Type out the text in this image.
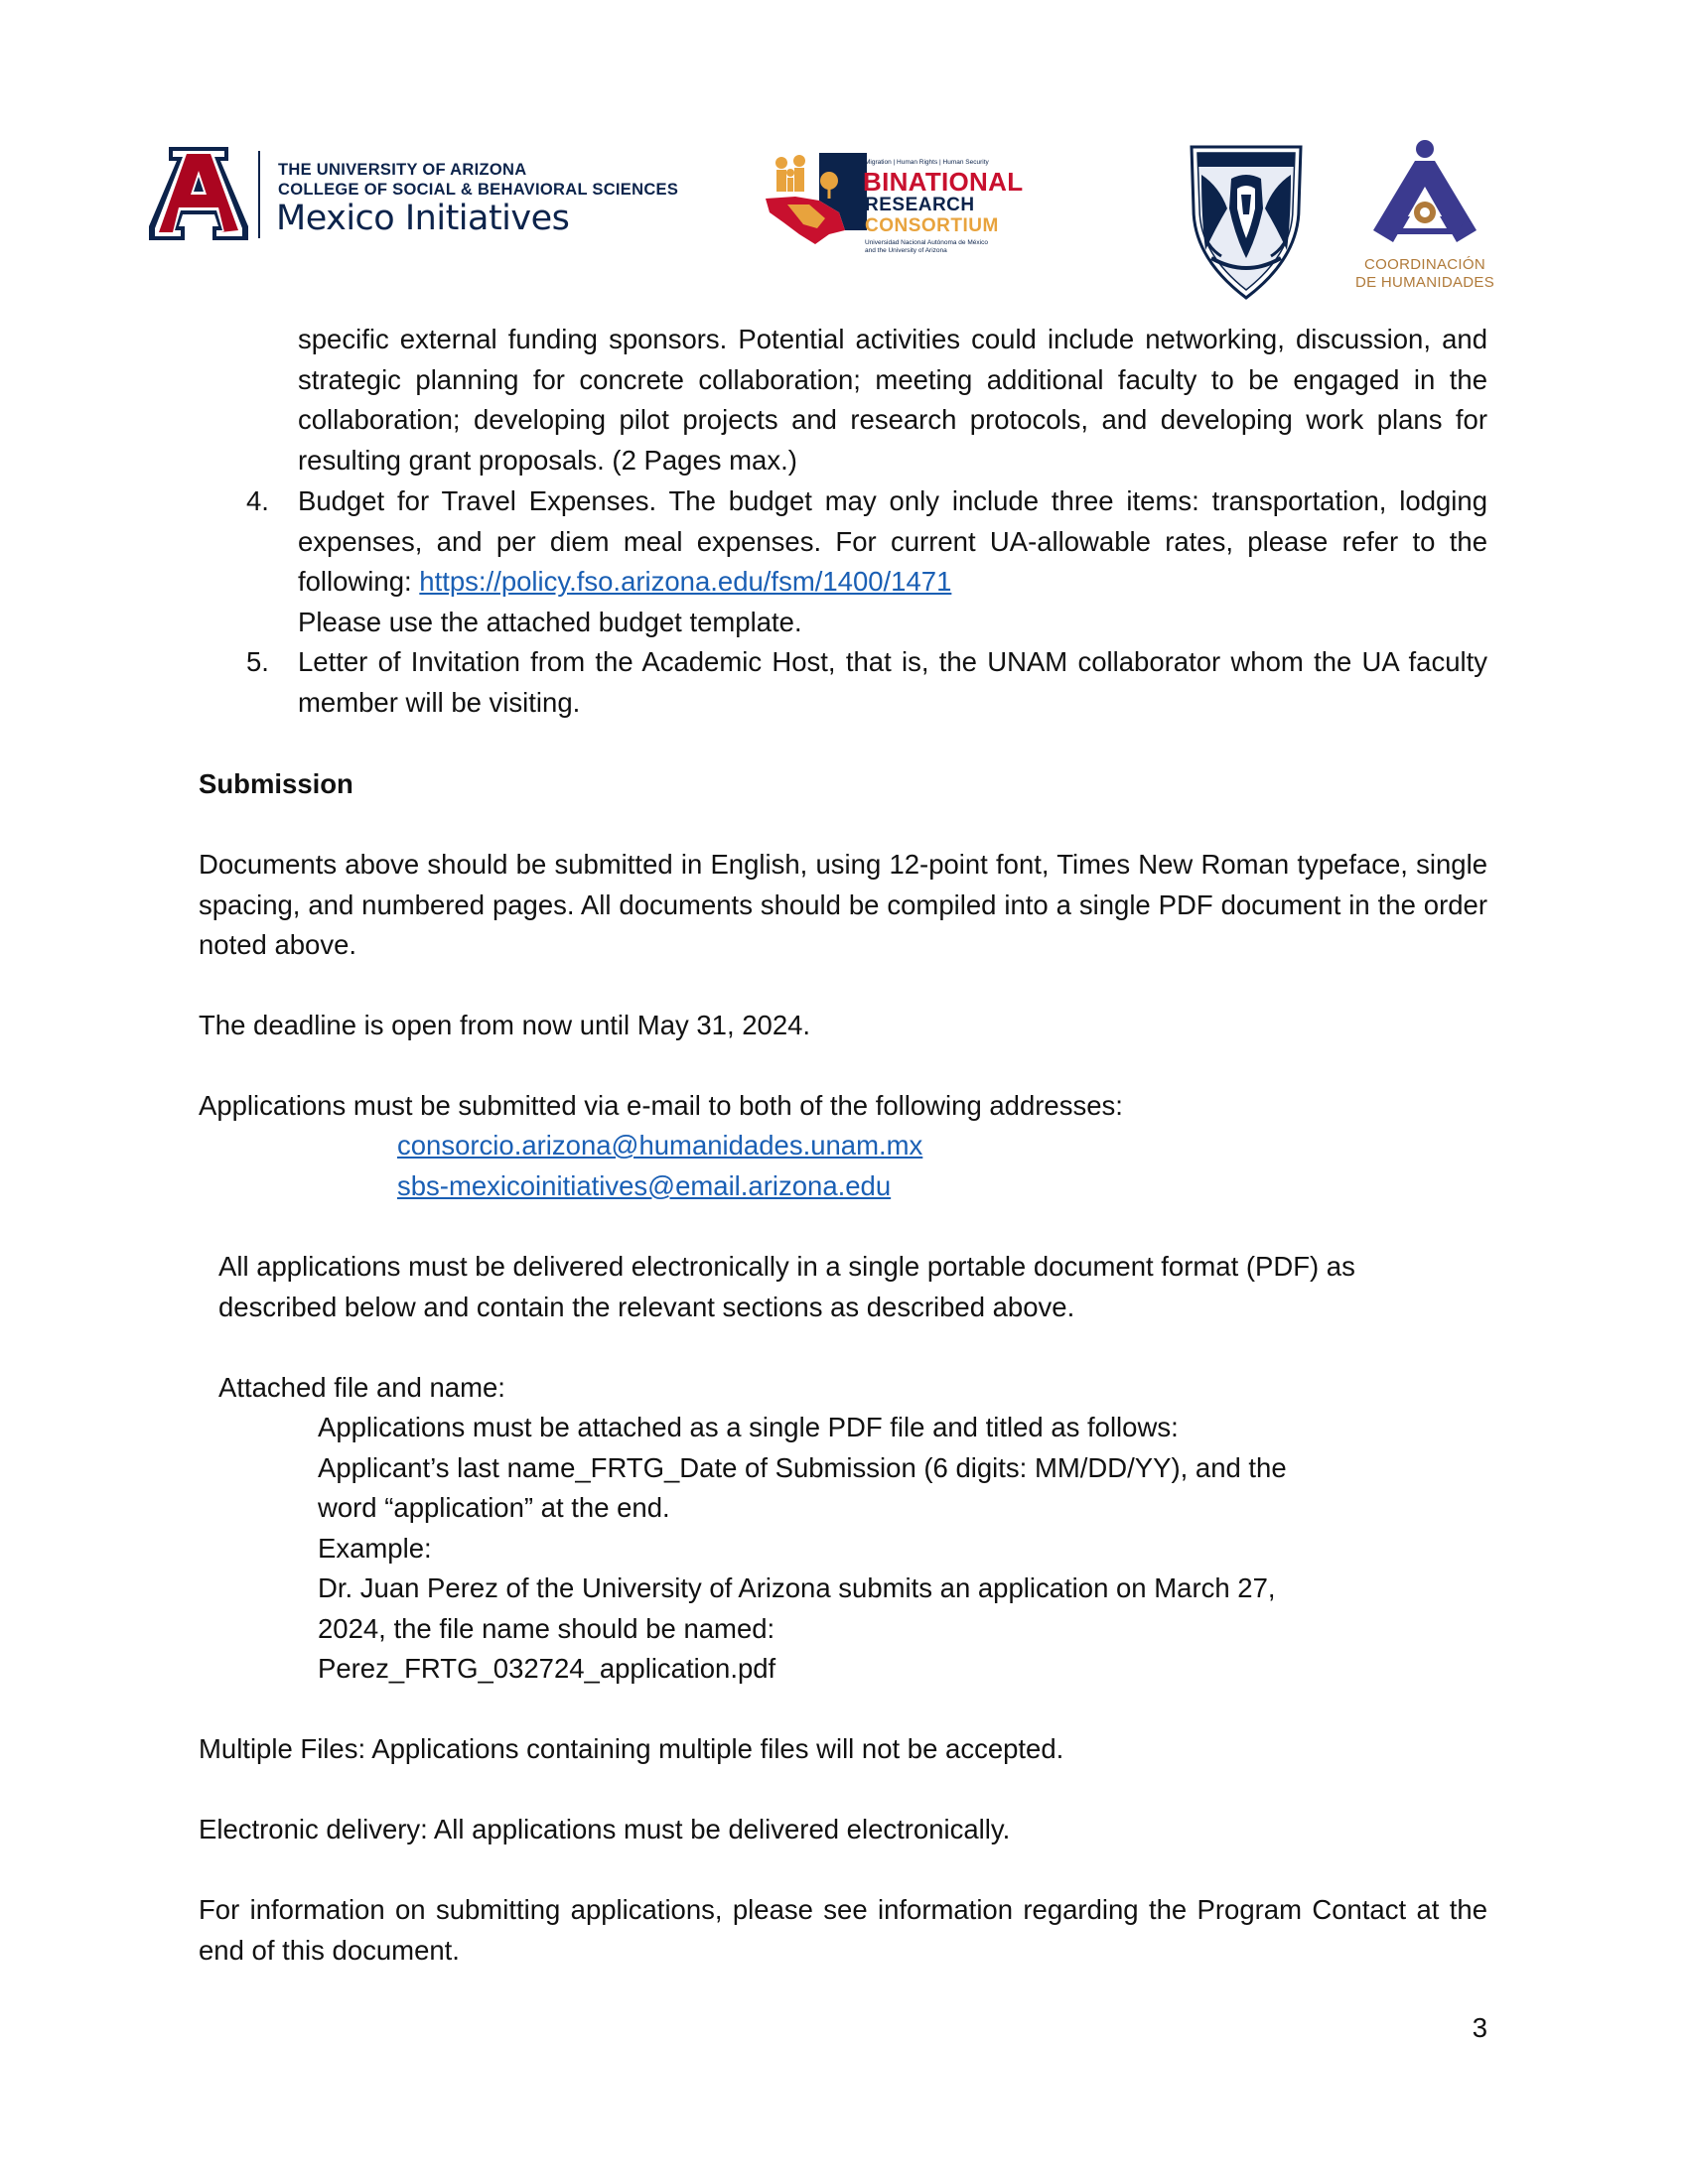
THE UNIVERSITY OF ARIZONA
COLLEGE OF SOCIAL & BEHAVIORAL SCIENCES
Mexico Initiatives
Migration | Human Rights | Human Security
BINATIONAL
RESEARCH
CONSORTIUM
Universidad Nacional Autónoma de México
and the University of Arizona
COORDINACIÓN
DE HUMANIDADES
specific external funding sponsors. Potential activities could include networking, discussion, and strategic planning for concrete collaboration; meeting additional faculty to be engaged in the collaboration; developing pilot projects and research protocols, and developing work plans for resulting grant proposals. (2 Pages max.)
4. Budget for Travel Expenses. The budget may only include three items: transportation, lodging expenses, and per diem meal expenses. For current UA-allowable rates, please refer to the following: https://policy.fso.arizona.edu/fsm/1400/1471
Please use the attached budget template.
5. Letter of Invitation from the Academic Host, that is, the UNAM collaborator whom the UA faculty member will be visiting.
Submission
Documents above should be submitted in English, using 12-point font, Times New Roman typeface, single spacing, and numbered pages. All documents should be compiled into a single PDF document in the order noted above.
The deadline is open from now until May 31, 2024.
Applications must be submitted via e-mail to both of the following addresses:
consorcio.arizona@humanidades.unam.mx
sbs-mexicoinitiatives@email.arizona.edu
All applications must be delivered electronically in a single portable document format (PDF) as described below and contain the relevant sections as described above.
Attached file and name:
Applications must be attached as a single PDF file and titled as follows:
Applicant’s last name_FRTG_Date of Submission (6 digits: MM/DD/YY), and the
word “application” at the end.
Example:
Dr. Juan Perez of the University of Arizona submits an application on March 27,
2024, the file name should be named:
Perez_FRTG_032724_application.pdf
Multiple Files: Applications containing multiple files will not be accepted.
Electronic delivery: All applications must be delivered electronically.
For information on submitting applications, please see information regarding the Program Contact at the end of this document.
3
